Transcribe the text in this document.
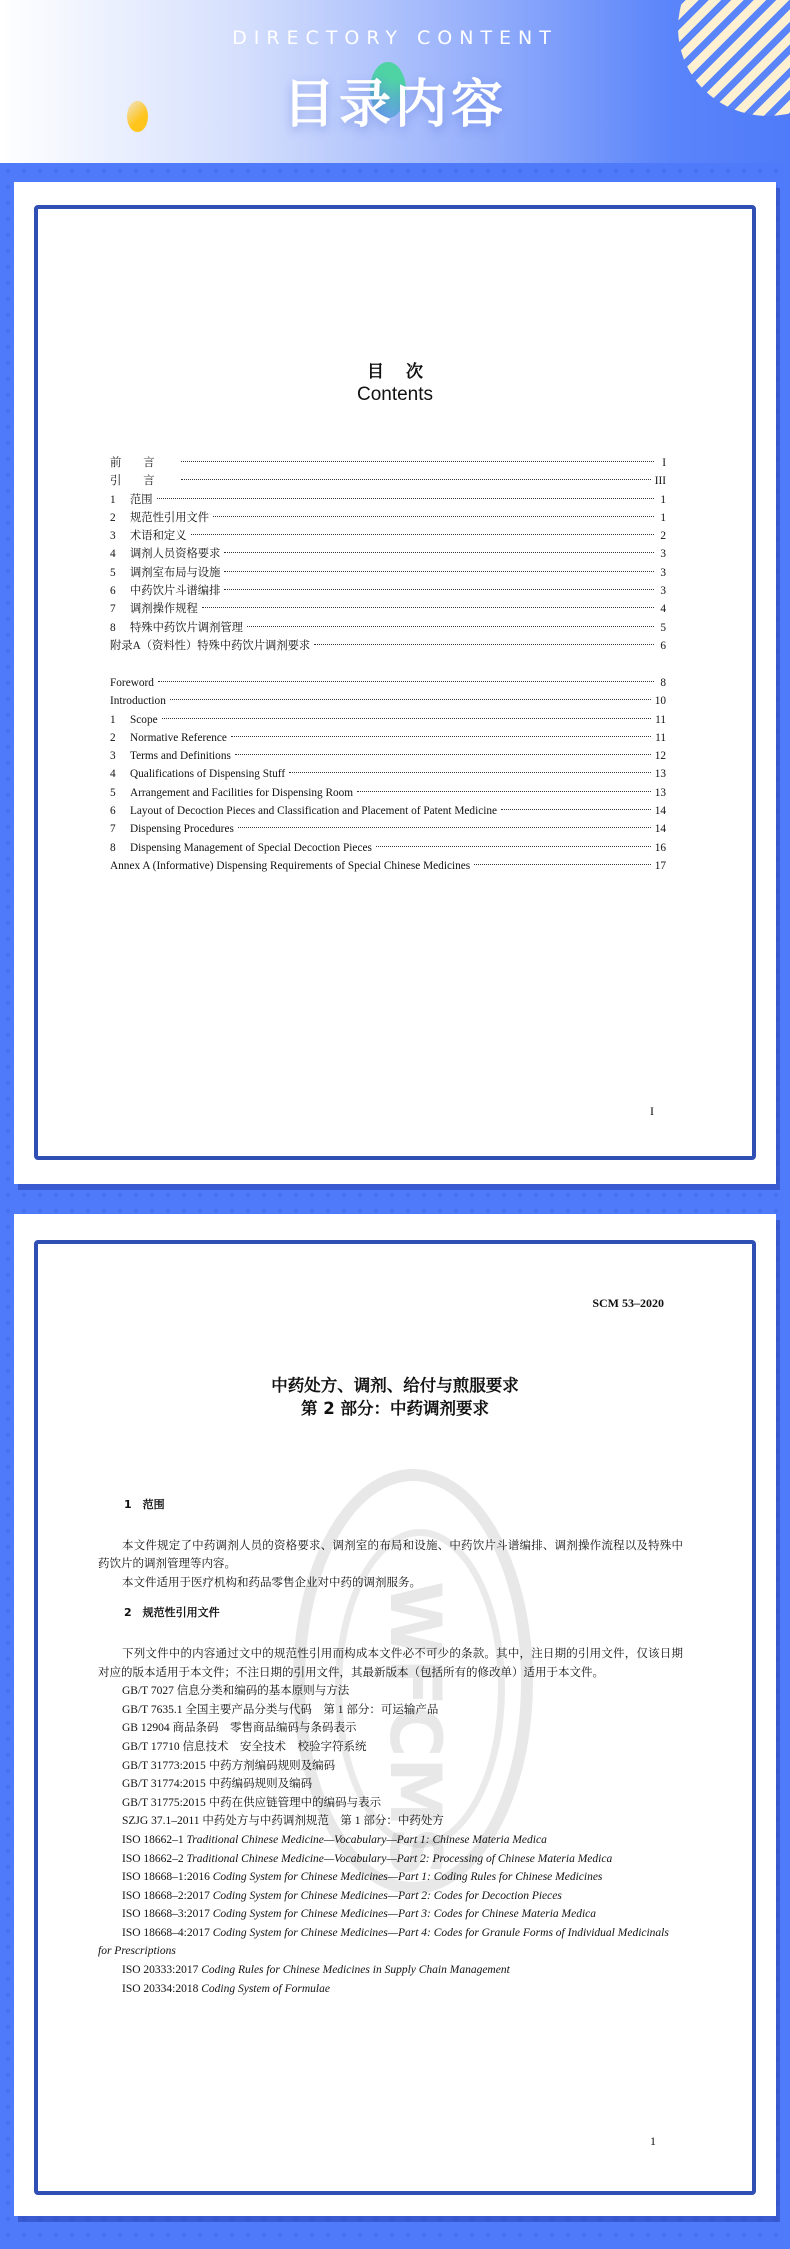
DIRECTORY CONTENT
目录内容
目次
Contents
前言	I
引言	III
1	范围	1
2	规范性引用文件	1
3	术语和定义	2
4	调剂人员资格要求	3
5	调剂室布局与设施	3
6	中药饮片斗谱编排	3
7	调剂操作规程	4
8	特殊中药饮片调剂管理	5
附录A（资料性）特殊中药饮片调剂要求	6
Foreword	8
Introduction	10
1	Scope	11
2	Normative Reference	11
3	Terms and Definitions	12
4	Qualifications of Dispensing Stuff	13
5	Arrangement and Facilities for Dispensing Room	13
6	Layout of Decoction Pieces and Classification and Placement of Patent Medicine	14
7	Dispensing Procedures	14
8	Dispensing Management of Special Decoction Pieces	16
Annex A (Informative) Dispensing Requirements of Special Chinese Medicines	17
I
WFCMS
SCM 53–2020
中药处方、调剂、给付与煎服要求
第 2 部分：中药调剂要求
1　范围
本文件规定了中药调剂人员的资格要求、调剂室的布局和设施、中药饮片斗谱编排、调剂操作流程以及特殊中药饮片的调剂管理等内容。
本文件适用于医疗机构和药品零售企业对中药的调剂服务。
2　规范性引用文件
下列文件中的内容通过文中的规范性引用而构成本文件必不可少的条款。其中，注日期的引用文件，仅该日期对应的版本适用于本文件；不注日期的引用文件，其最新版本（包括所有的修改单）适用于本文件。
GB/T 7027 信息分类和编码的基本原则与方法
GB/T 7635.1 全国主要产品分类与代码　第 1 部分：可运输产品
GB 12904 商品条码　零售商品编码与条码表示
GB/T 17710 信息技术　安全技术　校验字符系统
GB/T 31773:2015 中药方剂编码规则及编码
GB/T 31774:2015 中药编码规则及编码
GB/T 31775:2015 中药在供应链管理中的编码与表示
SZJG 37.1–2011 中药处方与中药调剂规范　第 1 部分：中药处方
ISO 18662–1 Traditional Chinese Medicine—Vocabulary—Part 1: Chinese Materia Medica
ISO 18662–2 Traditional Chinese Medicine—Vocabulary—Part 2: Processing of Chinese Materia Medica
ISO 18668–1:2016 Coding System for Chinese Medicines—Part 1: Coding Rules for Chinese Medicines
ISO 18668–2:2017 Coding System for Chinese Medicines—Part 2: Codes for Decoction Pieces
ISO 18668–3:2017 Coding System for Chinese Medicines—Part 3: Codes for Chinese Materia Medica
ISO 18668–4:2017 Coding System for Chinese Medicines—Part 4: Codes for Granule Forms of Individual Medicinals for Prescriptions
ISO 20333:2017 Coding Rules for Chinese Medicines in Supply Chain Management
ISO 20334:2018 Coding System of Formulae
1
